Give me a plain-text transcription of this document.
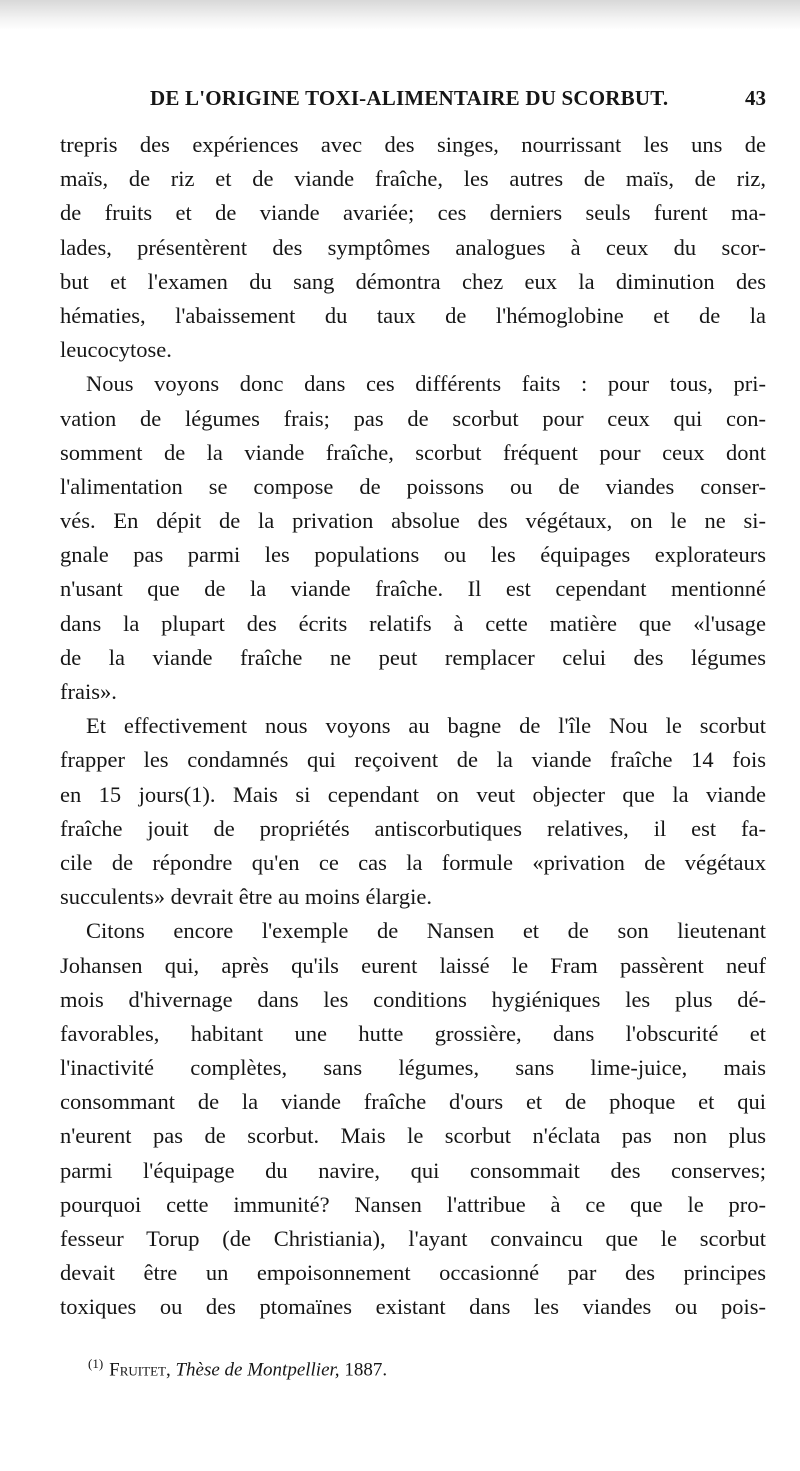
DE L'ORIGINE TOXI-ALIMENTAIRE DU SCORBUT.	43
trepris des expériences avec des singes, nourrissant les uns de
maïs, de riz et de viande fraîche, les autres de maïs, de riz,
de fruits et de viande avariée; ces derniers seuls furent ma-
lades, présentèrent des symptômes analogues à ceux du scor-
but et l'examen du sang démontra chez eux la diminution des
hématies, l'abaissement du taux de l'hémoglobine et de la
leucocytose.
Nous voyons donc dans ces différents faits : pour tous, pri-
vation de légumes frais; pas de scorbut pour ceux qui con-
somment de la viande fraîche, scorbut fréquent pour ceux dont
l'alimentation se compose de poissons ou de viandes conser-
vés. En dépit de la privation absolue des végétaux, on le ne si-
gnale pas parmi les populations ou les équipages explorateurs
n'usant que de la viande fraîche. Il est cependant mentionné
dans la plupart des écrits relatifs à cette matière que «l'usage
de la viande fraîche ne peut remplacer celui des légumes
frais».
Et effectivement nous voyons au bagne de l'île Nou le scorbut
frapper les condamnés qui reçoivent de la viande fraîche 14 fois
en 15 jours(1). Mais si cependant on veut objecter que la viande
fraîche jouit de propriétés antiscorbutiques relatives, il est fa-
cile de répondre qu'en ce cas la formule «privation de végétaux
succulents» devrait être au moins élargie.
Citons encore l'exemple de Nansen et de son lieutenant
Johansen qui, après qu'ils eurent laissé le Fram passèrent neuf
mois d'hivernage dans les conditions hygiéniques les plus dé-
favorables, habitant une hutte grossière, dans l'obscurité et
l'inactivité complètes, sans légumes, sans lime-juice, mais
consommant de la viande fraîche d'ours et de phoque et qui
n'eurent pas de scorbut. Mais le scorbut n'éclata pas non plus
parmi l'équipage du navire, qui consommait des conserves;
pourquoi cette immunité? Nansen l'attribue à ce que le pro-
fesseur Torup (de Christiania), l'ayant convaincu que le scorbut
devait être un empoisonnement occasionné par des principes
toxiques ou des ptomaïnes existant dans les viandes ou pois-
$^{(1)}$ Fruitet, Thèse de Montpellier, 1887.
